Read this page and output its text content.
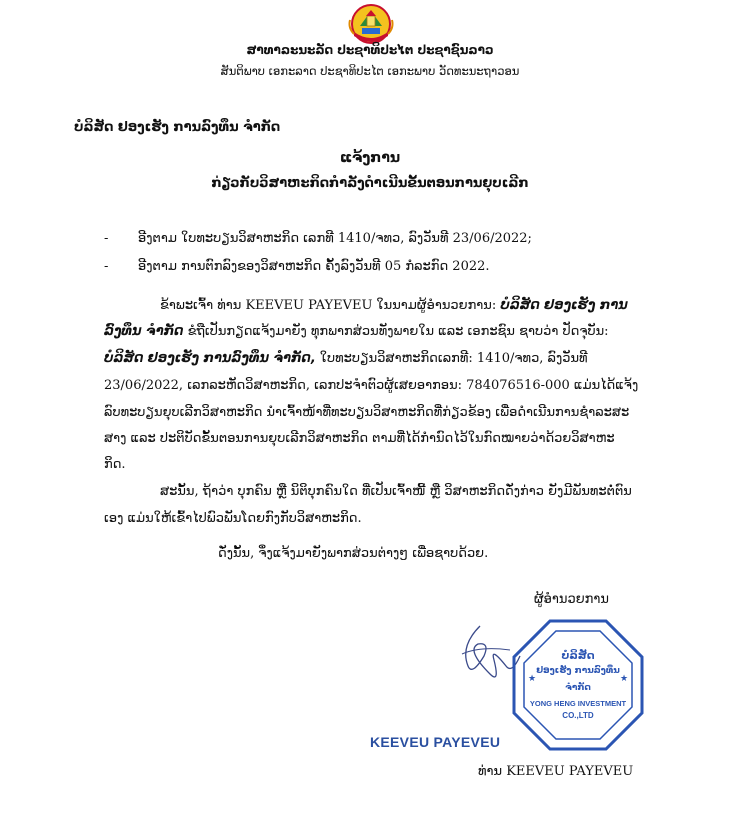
ສາທາລະນະລັດ ປະຊາທິປະໄຕ ປະຊາຊົນລາວ
ສັນຕິພາບ ເອກະລາດ ປະຊາທິປະໄຕ ເອກະພາບ ວັດທະນະຖາວອນ
ບໍລິສັດ ຢອງເຮັງ ການລົງທຶນ ຈຳກັດ
ແຈ້ງການ
ກ່ຽວກັບວິສາຫະກິດກຳລັງດຳເນີນຂັ້ນຕອນການຍຸບເລີກ
- ອີງຕາມ ໃບທະບຽນວິສາຫະກິດ ເລກທີ 1410/ຈທວ, ລົງວັນທີ 23/06/2022;
- ອີງຕາມ ການຕົກລົງຂອງວິສາຫະກິດ ຄັ້ງລົງວັນທີ 05 ກໍລະກົດ 2022.
ຂ້າພະເຈົ້າ ທ່ານ KEEVEU PAYEVEU ໃນນາມຜູ້ອຳນວຍການ: ບໍລິສັດ ຢອງເຮັງ ການ
ລົງທຶນ ຈຳກັດ ຂໍຖືເປັນກຽດແຈ້ງມາຍັງ ທຸກພາກສ່ວນທັງພາຍໃນ ແລະ ເອກະຊົນ ຊາບວ່າ ປັດຈຸບັນ:
ບໍລິສັດ ຢອງເຮັງ ການລົງທຶນ ຈຳກັດ, ໃບທະບຽນວິສາຫະກິດເລກທີ: 1410/ຈທວ, ລົງວັນທີ
23/06/2022, ເລກລະຫັດວິສາຫະກິດ, ເລກປະຈຳຕົວຜູ້ເສຍອາກອນ: 784076516-000 ແມ່ນໄດ້ແຈ້ງ
ລົບທະບຽນຍຸບເລີກວິສາຫະກິດ ນຳເຈົ້າໜ້າທີ່ທະບຽນວິສາຫະກິດທີ່ກ່ຽວຂ້ອງ ເພື່ອດຳເນີນການຊຳລະສະ
ສາງ ແລະ ປະຕິບັດຂັ້ນຕອນການຍຸບເລີກວິສາຫະກິດ ຕາມທີ່ໄດ້ກຳນົດໄວ້ໃນກົດໝາຍວ່າດ້ວຍວິສາຫະ
ກິດ.
ສະນັ້ນ, ຖ້າວ່າ ບຸກຄົນ ຫຼື ນິຕິບຸກຄົນໃດ ທີ່ເປັນເຈົ້າໜີ້ ຫຼື ວິສາຫະກິດດັ່ງກ່າວ ຍັງມີພັນທະຕໍ່ຕົນ
ເອງ ແມ່ນໃຫ້ເຂົ້າໄປພົວພັນໂດຍກົງກັບວິສາຫະກິດ.
ດັ່ງນັ້ນ, ຈຶ່ງແຈ້ງມາຍັງພາກສ່ວນຕ່າງໆ ເພື່ອຊາບດ້ວຍ.
ຜູ້ອຳນວຍການ
★	★
ບໍລິສັດ
ຢອງເຮັງ ການລົງທຶນ
ຈຳກັດ
YONG HENG INVESTMENT
CO.,LTD
KEEVEU PAYEVEU
ທ່ານ KEEVEU PAYEVEU
